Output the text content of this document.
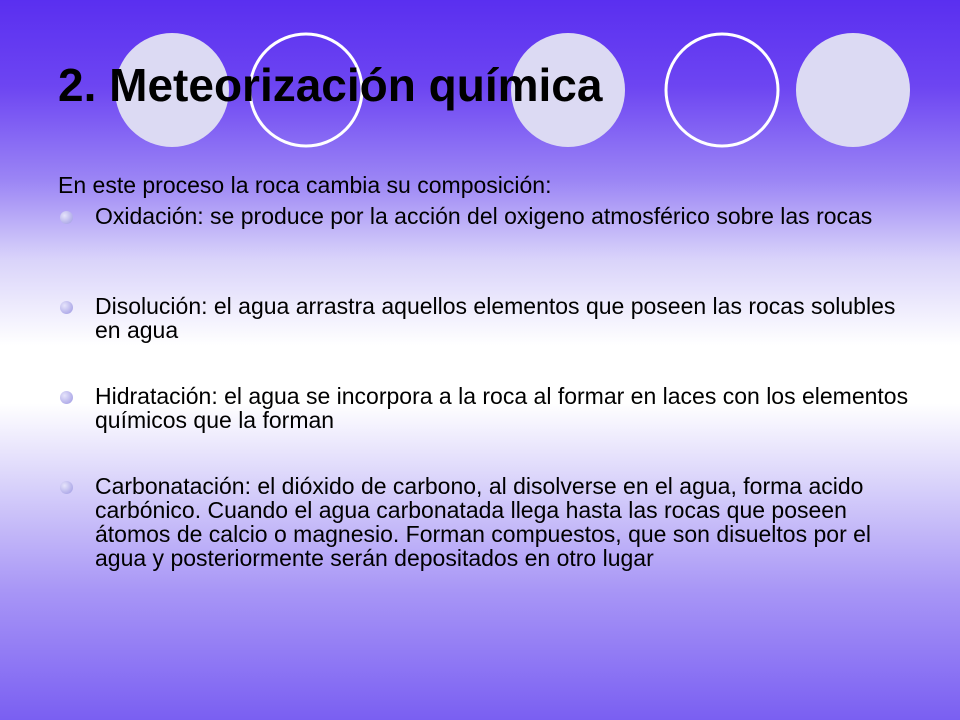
2. Meteorización química
En este proceso la roca cambia su composición:
Oxidación: se produce por la acción del oxigeno atmosférico sobre las rocas
Disolución: el agua arrastra aquellos elementos que poseen las rocas solubles en agua
Hidratación: el agua se incorpora a la roca al formar en laces con los elementos químicos que la forman
Carbonatación: el dióxido de carbono, al disolverse en el agua, forma acido carbónico. Cuando el agua carbonatada llega hasta las rocas que poseen átomos de calcio o magnesio. Forman compuestos, que son disueltos por el agua y posteriormente serán depositados en otro lugar
